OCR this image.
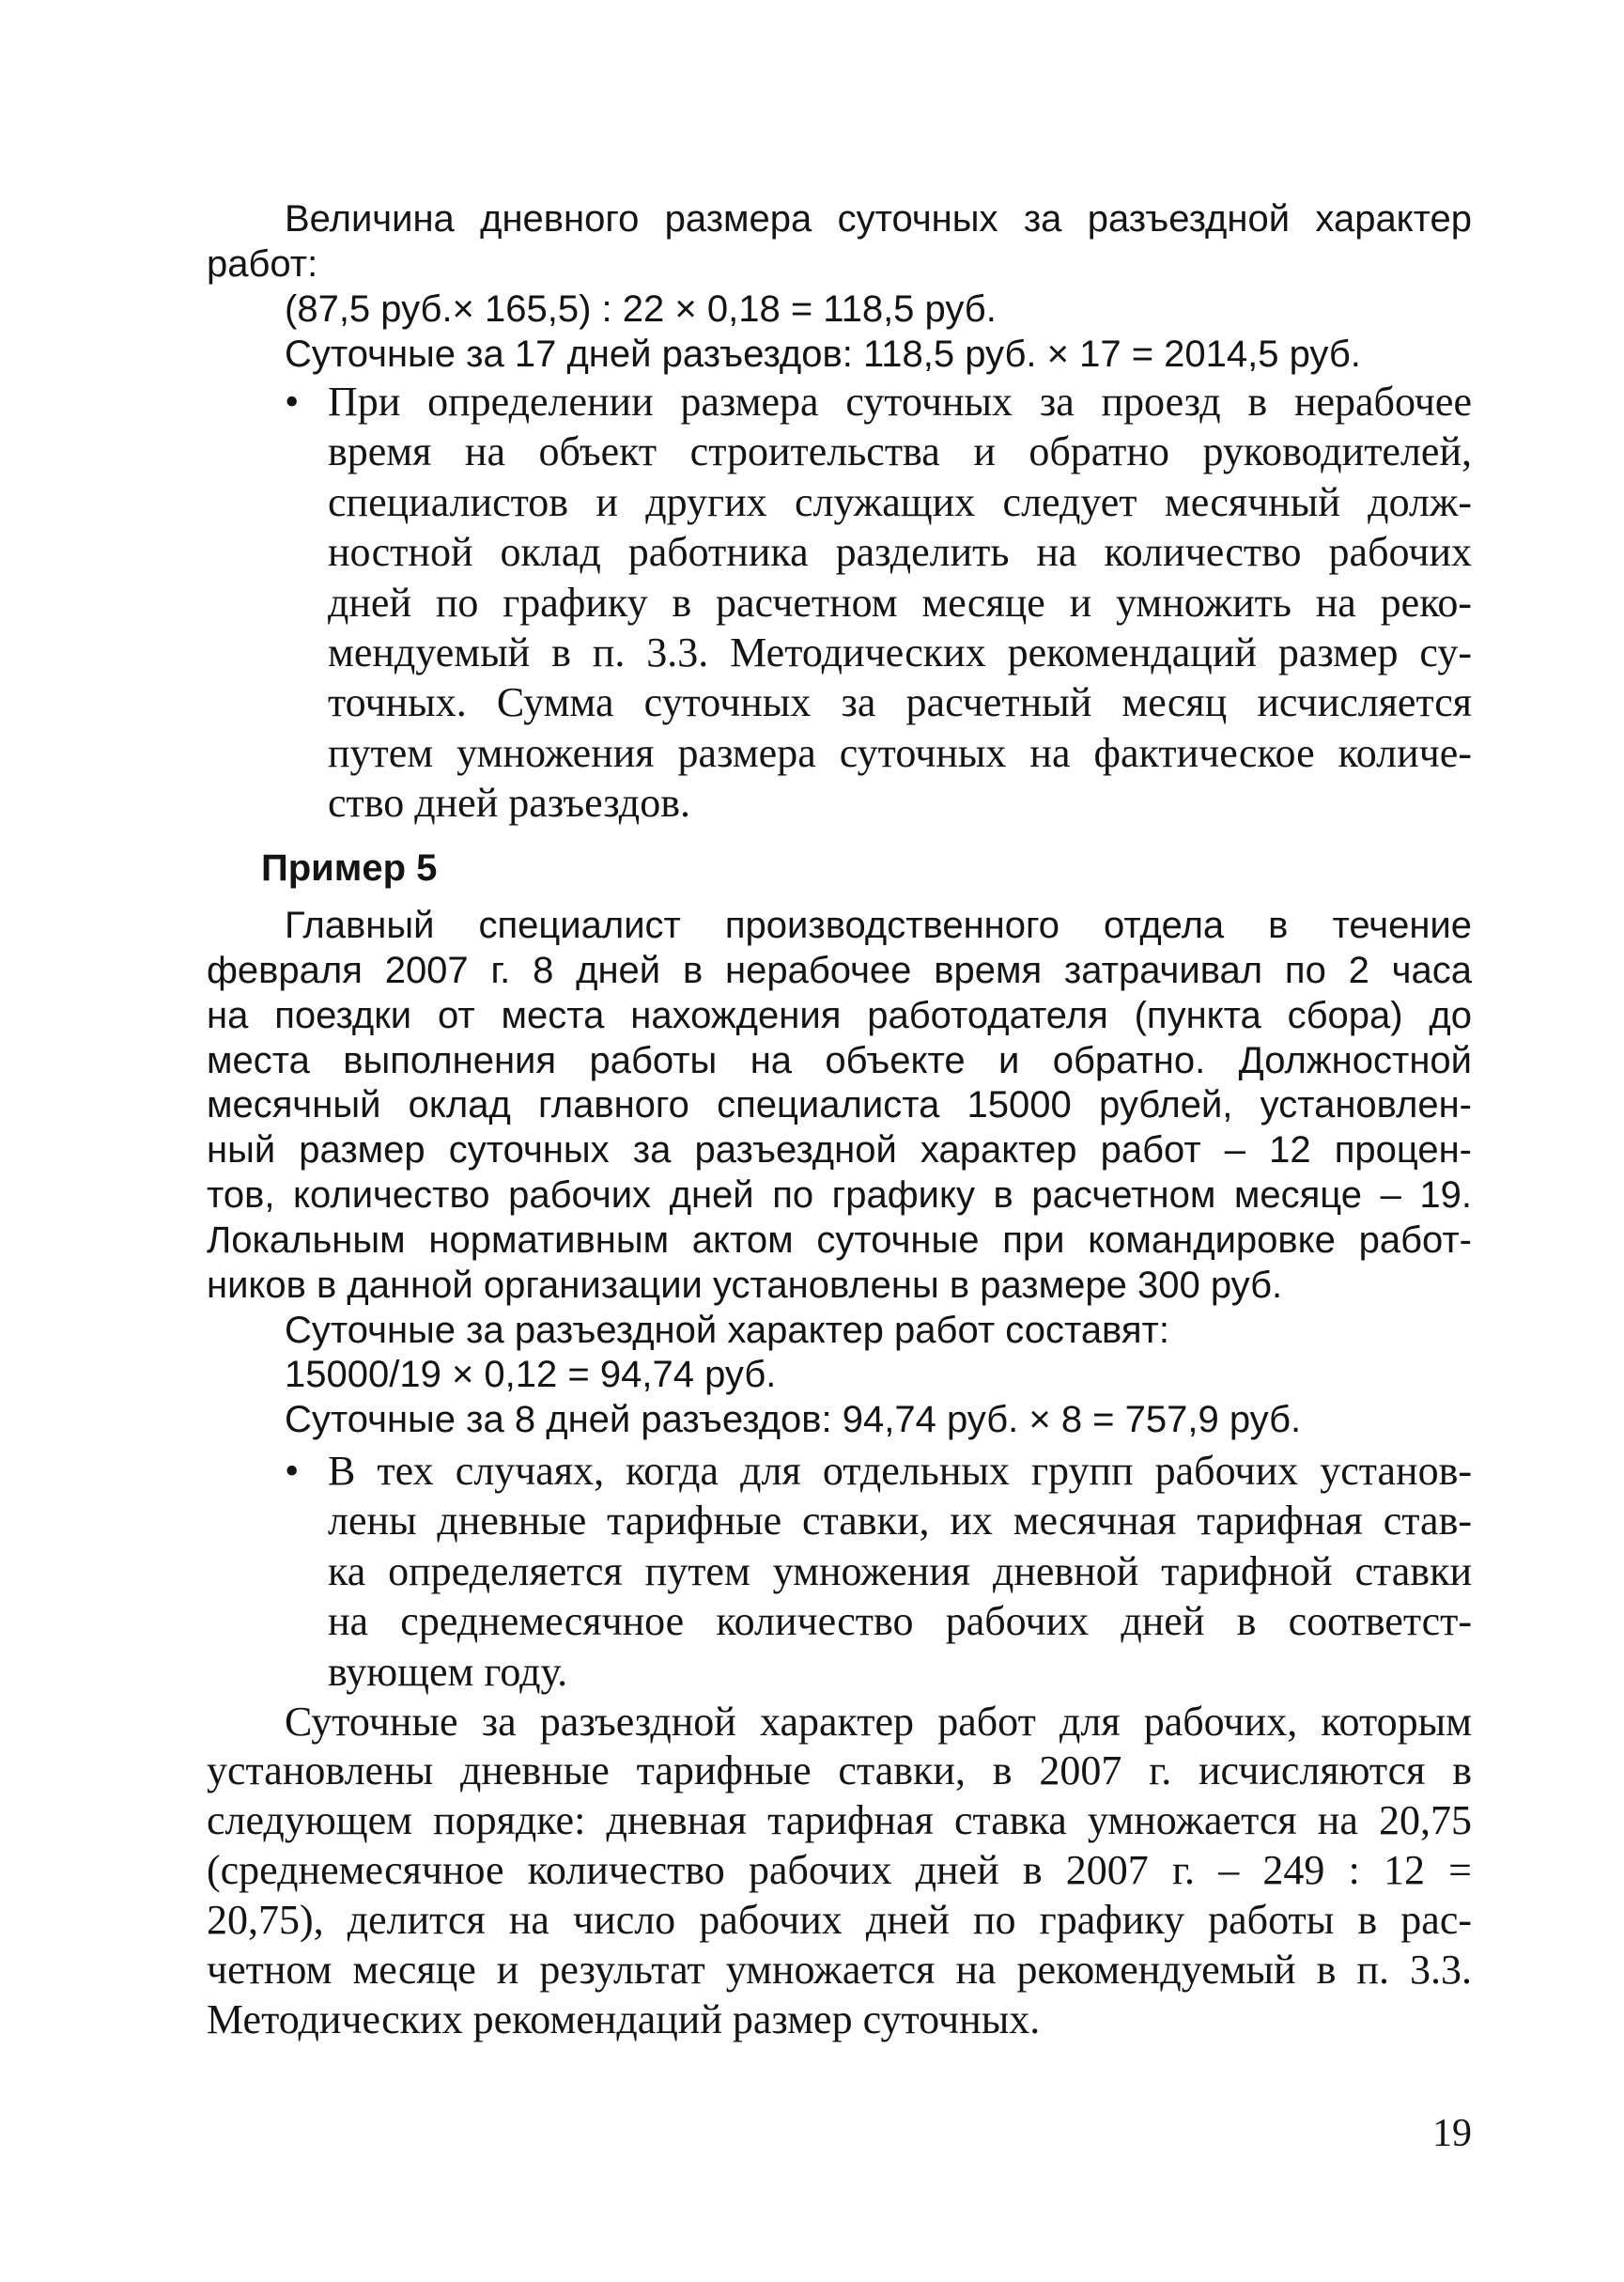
Величина дневного размера суточных за разъездной характер
работ:
(87,5 руб.× 165,5) : 22 × 0,18 = 118,5 руб.
Суточные за 17 дней разъездов: 118,5 руб. × 17 = 2014,5 руб.
• При определении размера суточных за проезд в нерабочее
время на объект строительства и обратно руководителей,
специалистов и других служащих следует месячный долж-
ностной оклад работника разделить на количество рабочих
дней по графику в расчетном месяце и умножить на реко-
мендуемый в п. 3.3. Методических рекомендаций размер су-
точных. Сумма суточных за расчетный месяц исчисляется
путем умножения размера суточных на фактическое количе-
ство дней разъездов.
Пример 5
Главный специалист производственного отдела в течение
февраля 2007 г. 8 дней в нерабочее время затрачивал по 2 часа
на поездки от места нахождения работодателя (пункта сбора) до
места выполнения работы на объекте и обратно. Должностной
месячный оклад главного специалиста 15000 рублей, установлен-
ный размер суточных за разъездной характер работ – 12 процен-
тов, количество рабочих дней по графику в расчетном месяце – 19.
Локальным нормативным актом суточные при командировке работ-
ников в данной организации установлены в размере 300 руб.
Суточные за разъездной характер работ составят:
15000/19 × 0,12 = 94,74 руб.
Суточные за 8 дней разъездов: 94,74 руб. × 8 = 757,9 руб.
• В тех случаях, когда для отдельных групп рабочих установ-
лены дневные тарифные ставки, их месячная тарифная став-
ка определяется путем умножения дневной тарифной ставки
на среднемесячное количество рабочих дней в соответст-
вующем году.
Суточные за разъездной характер работ для рабочих, которым
установлены дневные тарифные ставки, в 2007 г. исчисляются в
следующем порядке: дневная тарифная ставка умножается на 20,75
(среднемесячное количество рабочих дней в 2007 г. – 249 : 12 =
20,75), делится на число рабочих дней по графику работы в рас-
четном месяце и результат умножается на рекомендуемый в п. 3.3.
Методических рекомендаций размер суточных.
19
